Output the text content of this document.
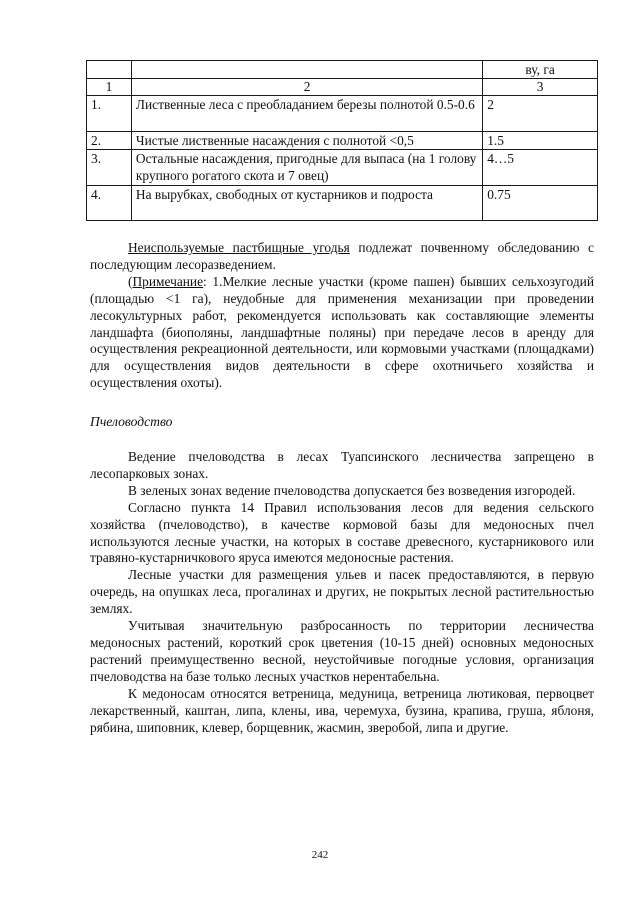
		ву, га
1	2	3
1.	Лиственные леса с преобладанием березы полнотой 0.5-0.6	2
2.	Чистые лиственные насаждения с полнотой <0,5	1.5
3.	Остальные насаждения, пригодные для выпаса (на 1 голову крупного рогатого скота и 7 овец)	4…5
4.	На вырубках, свободных от кустарников и подроста	0.75

Неиспользуемые пастбищные угодья подлежат почвенному обследованию с последующим лесоразведением.

(Примечание: 1.Мелкие лесные участки (кроме пашен) бывших сельхозугодий (площадью <1 га), неудобные для применения механизации при проведении лесокультурных работ, рекомендуется использовать как составляющие элементы ландшафта (биополяны, ландшафтные поляны) при передаче лесов в аренду для осуществления рекреационной деятельности, или кормовыми участками (площадками) для осуществления видов деятельности в сфере охотничьего хозяйства и осуществления охоты).

Пчеловодство

Ведение пчеловодства в лесах Туапсинского лесничества запрещено в лесопарковых зонах.

В зеленых зонах ведение пчеловодства допускается без возведения изгородей.

Согласно пункта 14 Правил использования лесов для ведения сельского хозяйства (пчеловодство), в качестве кормовой базы для медоносных пчел используются лесные участки, на которых в составе древесного, кустарникового или травяно-кустарничкового яруса имеются медоносные растения.

Лесные участки для размещения ульев и пасек предоставляются, в первую очередь, на опушках леса, прогалинах и других, не покрытых лесной растительностью землях.

Учитывая значительную разбросанность по территории лесничества медоносных растений, короткий срок цветения (10-15 дней) основных медоносных растений преимущественно весной, неустойчивые погодные условия, организация пчеловодства на базе только лесных участков нерентабельна.

К медоносам относятся ветреница, медуница, ветреница лютиковая, первоцвет лекарственный, каштан, липа, клены, ива, черемуха, бузина, крапива, груша, яблоня, рябина, шиповник, клевер, борщевник, жасмин, зверобой, липа и другие.

242
